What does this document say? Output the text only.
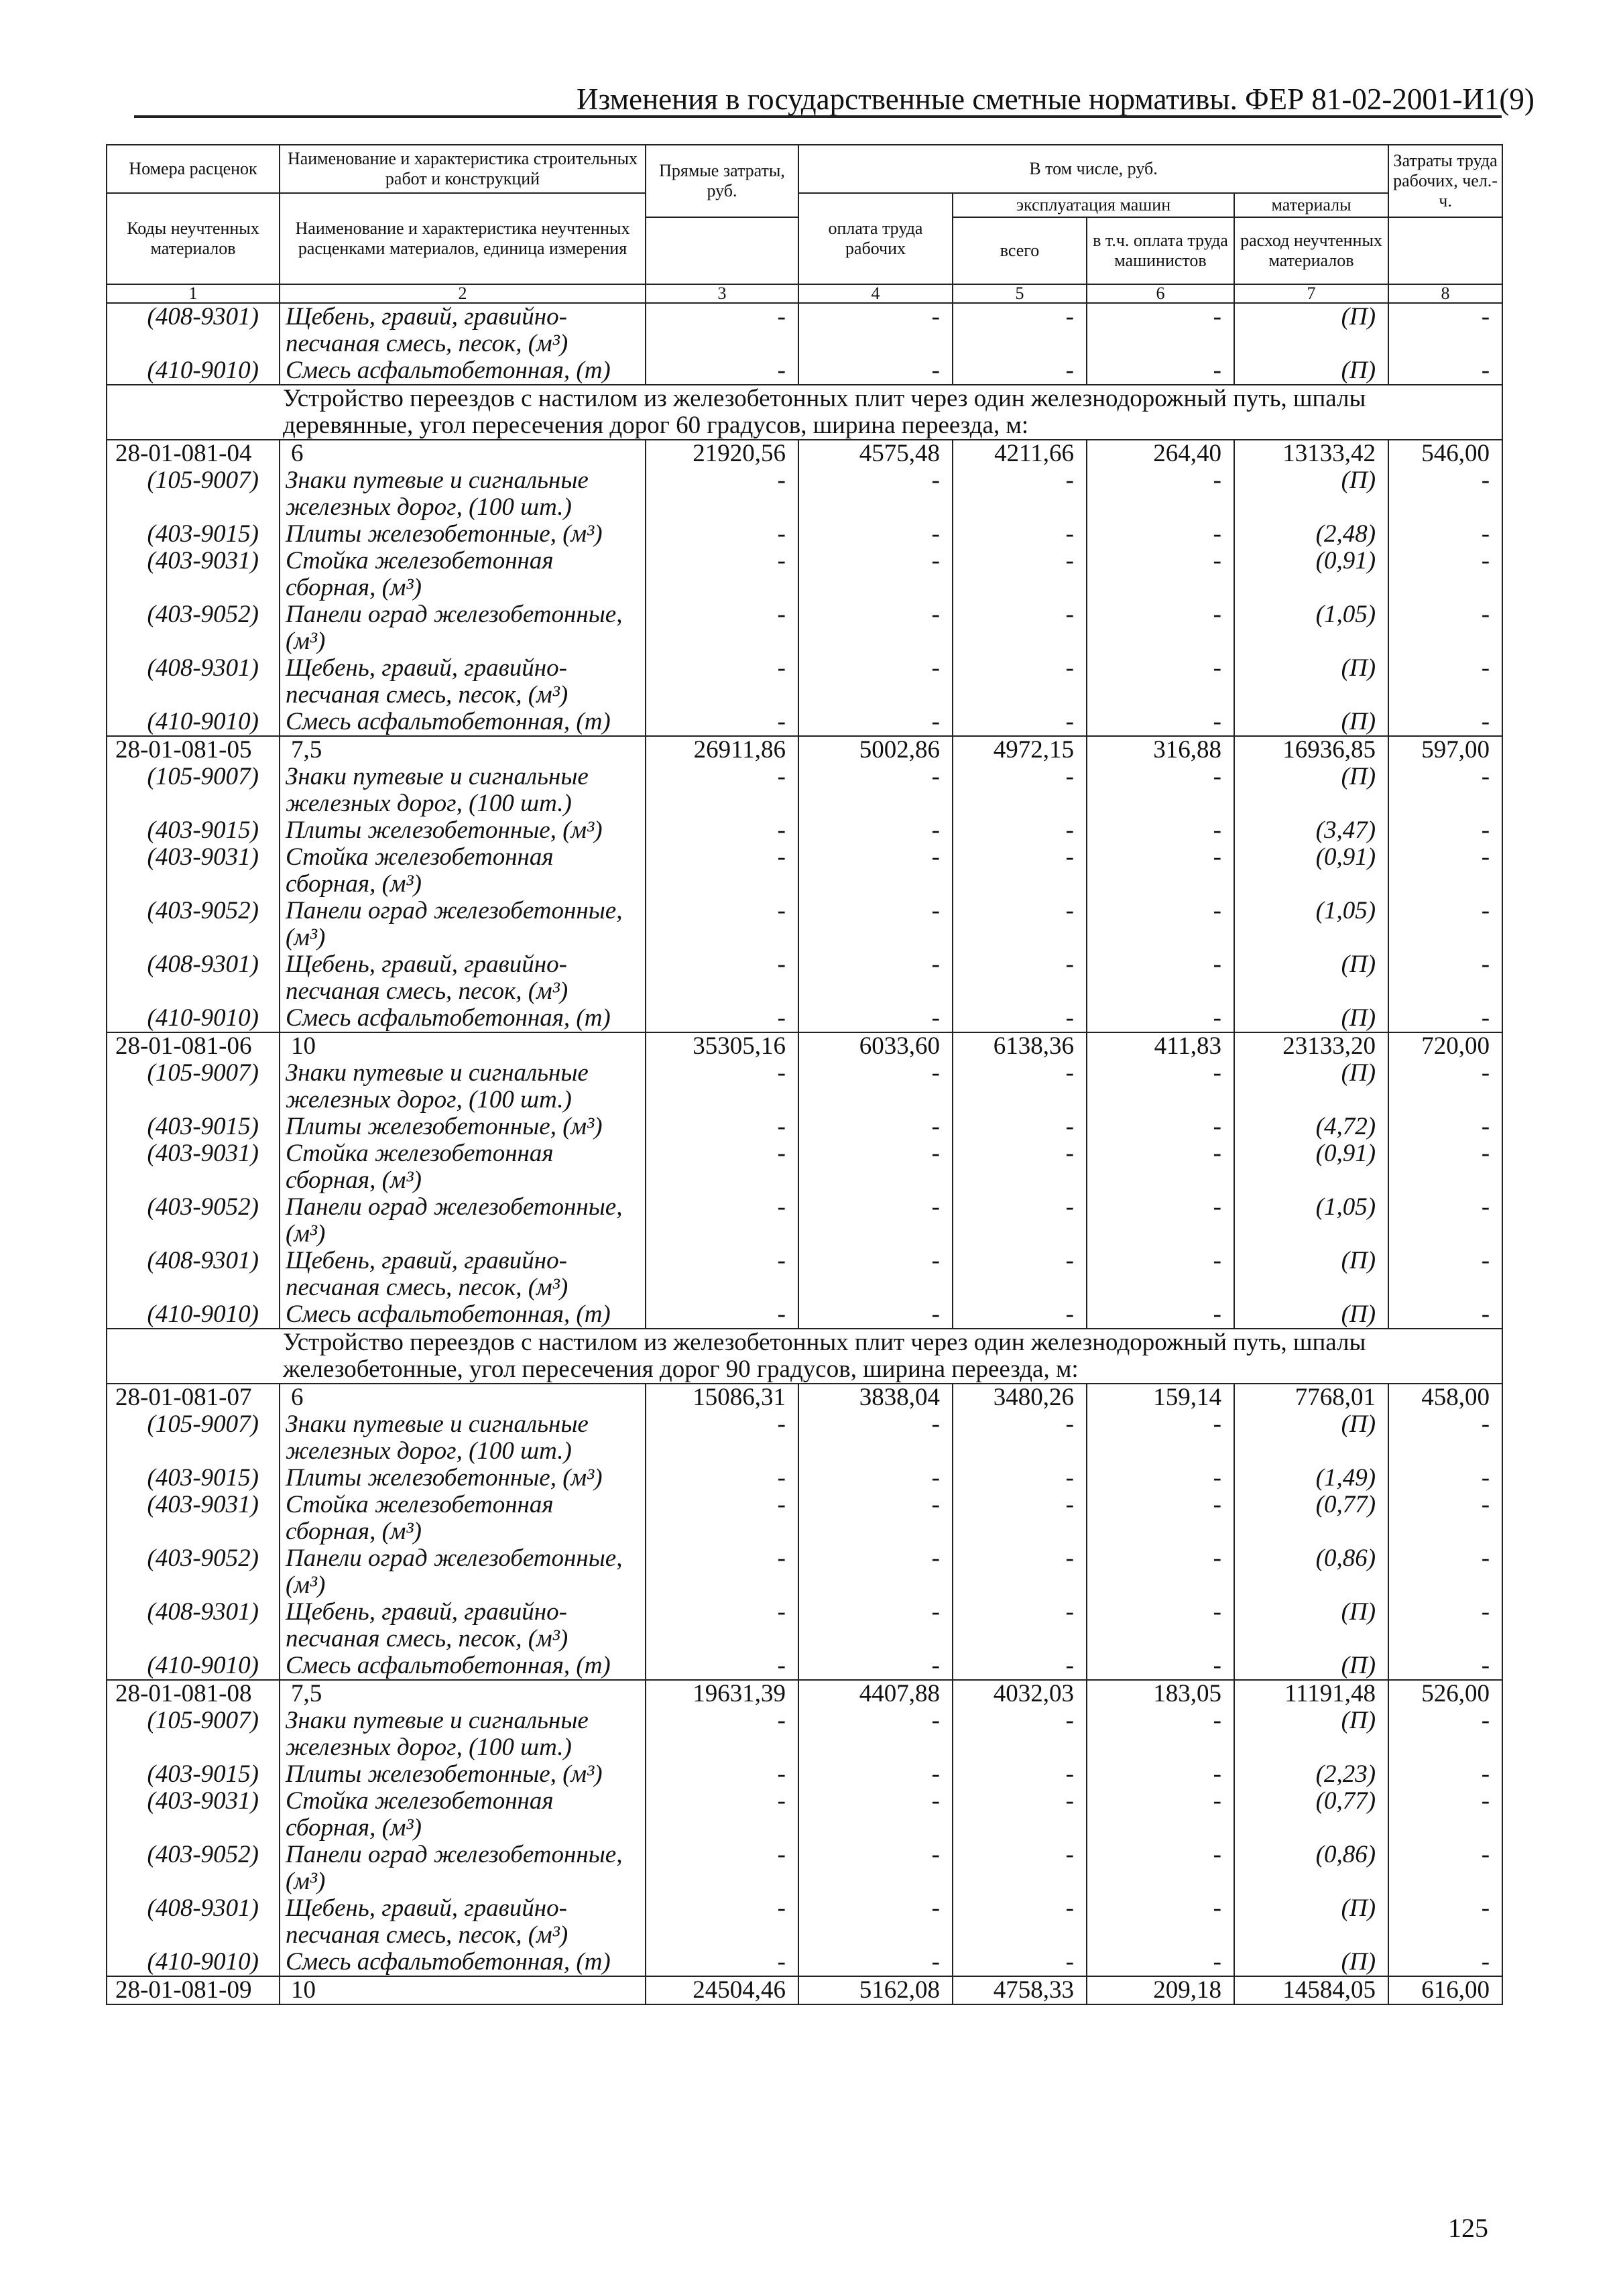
Изменения в государственные сметные нормативы. ФЕР 81-02-2001-И1(9)
Номера расценок	Наименование и характеристика строительных работ и конструкций	Прямые затраты, руб.	В том числе, руб.				Затраты труда рабочих, чел.-ч.
Коды неучтенных материалов	Наименование и характеристика неучтенных расценками материалов, единица измерения		оплата труда рабочих	эксплуатация машин		материалы	
				всего	в т.ч. оплата труда машинистов	расход неучтенных материалов	
1	2	3	4	5	6	7	8
(408-9301)	Щебень, гравий, гравийно-
песчаная смесь, песок, (м³)	-	-	-	-	(П)	-
(410-9010)	Смесь асфальтобетонная, (т)	-	-	-	-	(П)	-

Устройство переездов с настилом из железобетонных плит через один железнодорожный путь, шпалы
деревянные, угол пересечения дорог 60 градусов, ширина переезда, м:							

28-01-081-04	6	21920,56	4575,48	4211,66	264,40	13133,42	546,00
(105-9007)	Знаки путевые и сигнальные
железных дорог, (100 шт.)	-	-	-	-	(П)	-
(403-9015)	Плиты железобетонные, (м³)	-	-	-	-	(2,48)	-
(403-9031)	Стойка железобетонная
сборная, (м³)	-	-	-	-	(0,91)	-
(403-9052)	Панели оград железобетонные,
(м³)	-	-	-	-	(1,05)	-
(408-9301)	Щебень, гравий, гравийно-
песчаная смесь, песок, (м³)	-	-	-	-	(П)	-
(410-9010)	Смесь асфальтобетонная, (т)	-	-	-	-	(П)	-
28-01-081-05	7,5	26911,86	5002,86	4972,15	316,88	16936,85	597,00
(105-9007)	Знаки путевые и сигнальные
железных дорог, (100 шт.)	-	-	-	-	(П)	-
(403-9015)	Плиты железобетонные, (м³)	-	-	-	-	(3,47)	-
(403-9031)	Стойка железобетонная
сборная, (м³)	-	-	-	-	(0,91)	-
(403-9052)	Панели оград железобетонные,
(м³)	-	-	-	-	(1,05)	-
(408-9301)	Щебень, гравий, гравийно-
песчаная смесь, песок, (м³)	-	-	-	-	(П)	-
(410-9010)	Смесь асфальтобетонная, (т)	-	-	-	-	(П)	-
28-01-081-06	10	35305,16	6033,60	6138,36	411,83	23133,20	720,00
(105-9007)	Знаки путевые и сигнальные
железных дорог, (100 шт.)	-	-	-	-	(П)	-
(403-9015)	Плиты железобетонные, (м³)	-	-	-	-	(4,72)	-
(403-9031)	Стойка железобетонная
сборная, (м³)	-	-	-	-	(0,91)	-
(403-9052)	Панели оград железобетонные,
(м³)	-	-	-	-	(1,05)	-
(408-9301)	Щебень, гравий, гравийно-
песчаная смесь, песок, (м³)	-	-	-	-	(П)	-
(410-9010)	Смесь асфальтобетонная, (т)	-	-	-	-	(П)	-

Устройство переездов с настилом из железобетонных плит через один железнодорожный путь, шпалы
железобетонные, угол пересечения дорог 90 градусов, ширина переезда, м:							

28-01-081-07	6	15086,31	3838,04	3480,26	159,14	7768,01	458,00
(105-9007)	Знаки путевые и сигнальные
железных дорог, (100 шт.)	-	-	-	-	(П)	-
(403-9015)	Плиты железобетонные, (м³)	-	-	-	-	(1,49)	-
(403-9031)	Стойка железобетонная
сборная, (м³)	-	-	-	-	(0,77)	-
(403-9052)	Панели оград железобетонные,
(м³)	-	-	-	-	(0,86)	-
(408-9301)	Щебень, гравий, гравийно-
песчаная смесь, песок, (м³)	-	-	-	-	(П)	-
(410-9010)	Смесь асфальтобетонная, (т)	-	-	-	-	(П)	-
28-01-081-08	7,5	19631,39	4407,88	4032,03	183,05	11191,48	526,00
(105-9007)	Знаки путевые и сигнальные
железных дорог, (100 шт.)	-	-	-	-	(П)	-
(403-9015)	Плиты железобетонные, (м³)	-	-	-	-	(2,23)	-
(403-9031)	Стойка железобетонная
сборная, (м³)	-	-	-	-	(0,77)	-
(403-9052)	Панели оград железобетонные,
(м³)	-	-	-	-	(0,86)	-
(408-9301)	Щебень, гравий, гравийно-
песчаная смесь, песок, (м³)	-	-	-	-	(П)	-
(410-9010)	Смесь асфальтобетонная, (т)	-	-	-	-	(П)	-
28-01-081-09	10	24504,46	5162,08	4758,33	209,18	14584,05	616,00
125
